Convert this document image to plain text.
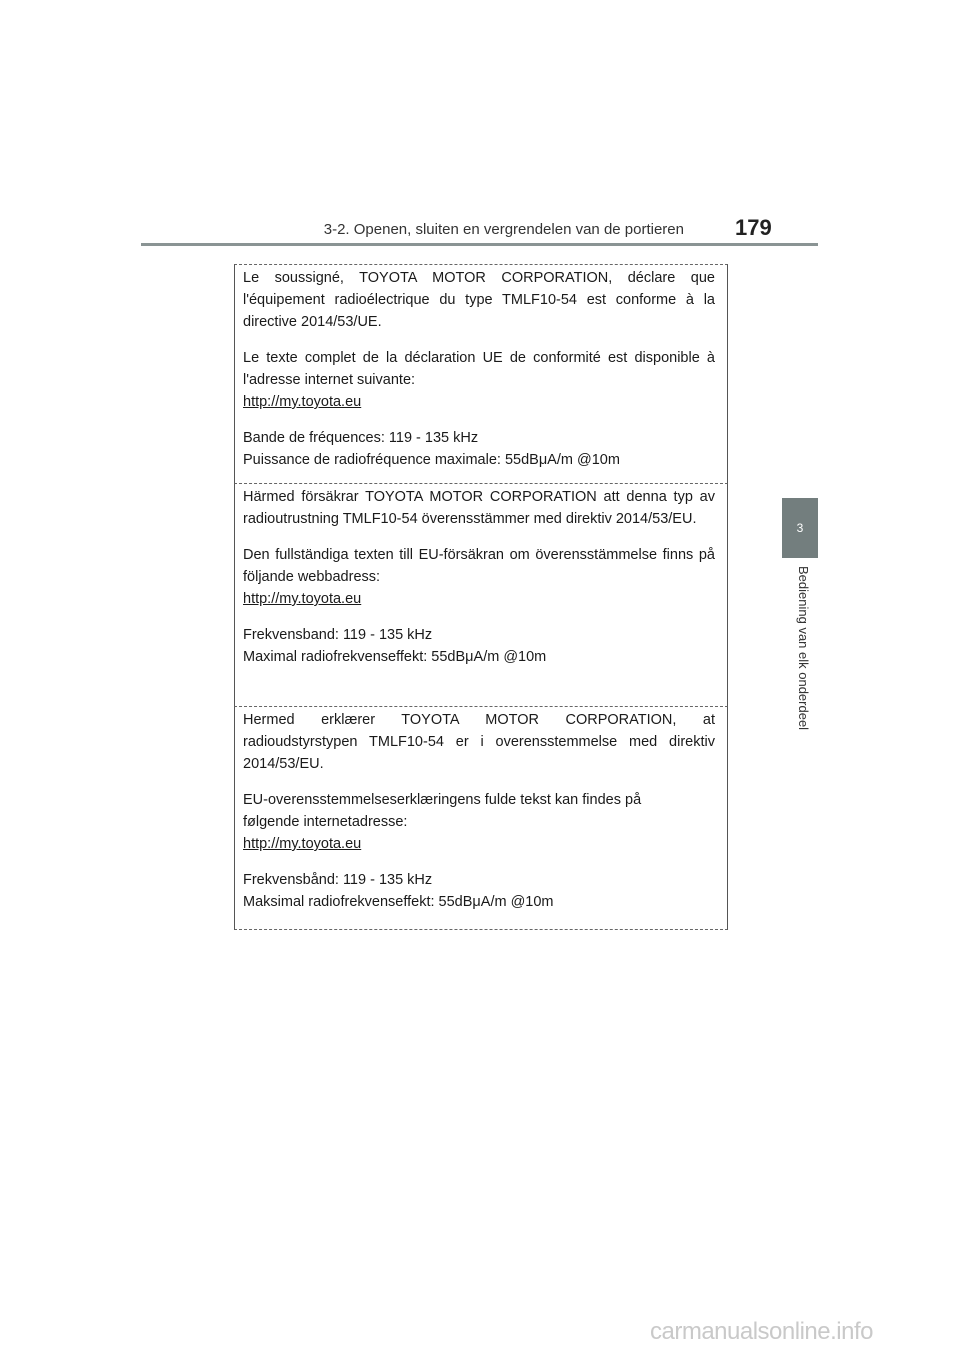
3-2. Openen, sluiten en vergrendelen van de portieren 179
3
Bediening van elk onderdeel

Le soussigné, TOYOTA MOTOR CORPORATION, déclare que l'équipement radioélectrique du type TMLF10-54 est conforme à la directive 2014/53/UE.

Le texte complet de la déclaration UE de conformité est disponible à l'adresse internet suivante:

http://my.toyota.eu

Bande de fréquences: 119 - 135 kHz

Puissance de radiofréquence maximale: 55dBμA/m @10m

Härmed försäkrar TOYOTA MOTOR CORPORATION att denna typ av radioutrustning TMLF10-54 överensstämmer med direktiv 2014/53/EU.

Den fullständiga texten till EU-försäkran om överensstämmelse finns på följande webbadress:

http://my.toyota.eu

Frekvensband: 119 - 135 kHz

Maximal radiofrekvenseffekt: 55dBμA/m @10m

Hermed erklærer TOYOTA MOTOR CORPORATION, at radioudstyrstypen TMLF10-54 er i overensstemmelse med direktiv 2014/53/EU.

EU-overensstemmelseserklæringens fulde tekst kan findes på følgende internetadresse:

http://my.toyota.eu

Frekvensbånd: 119 - 135 kHz

Maksimal radiofrekvenseffekt: 55dBμA/m @10m

carmanualsonline.info
